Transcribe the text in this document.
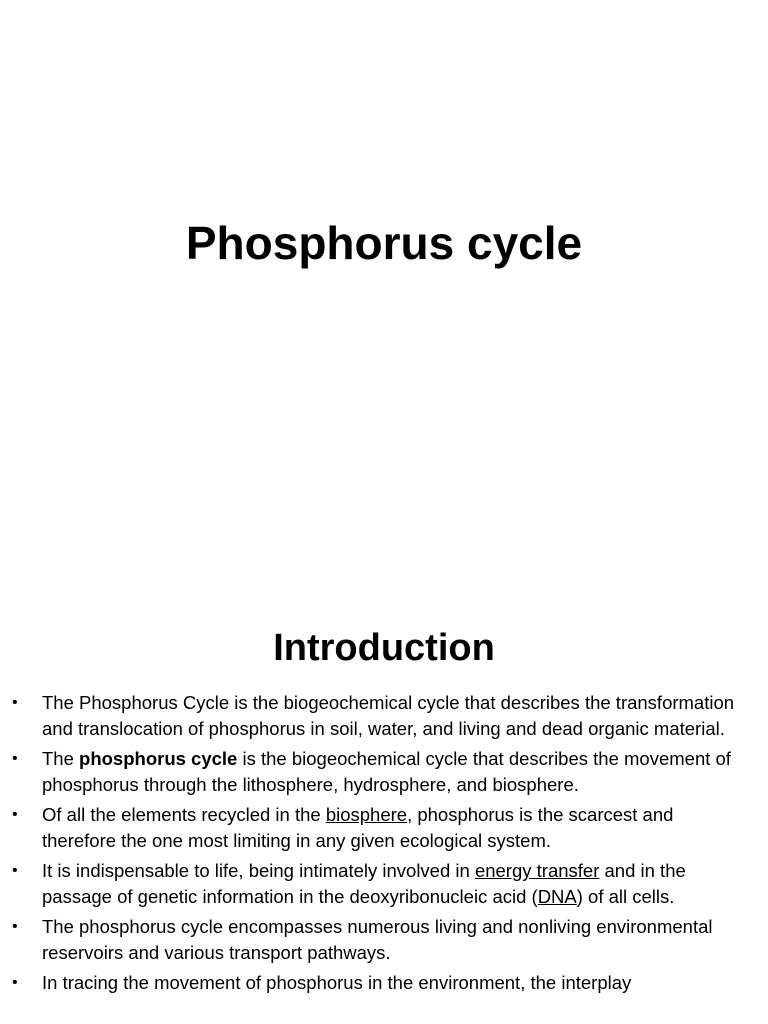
Phosphorus cycle
Introduction
• The Phosphorus Cycle is the biogeochemical cycle that describes the transformation and translocation of phosphorus in soil, water, and living and dead organic material.
• The phosphorus cycle is the biogeochemical cycle that describes the movement of phosphorus through the lithosphere, hydrosphere, and biosphere.
• Of all the elements recycled in the biosphere, phosphorus is the scarcest and therefore the one most limiting in any given ecological system.
• It is indispensable to life, being intimately involved in energy transfer and in the passage of genetic information in the deoxyribonucleic acid (DNA) of all cells.
• The phosphorus cycle encompasses numerous living and nonliving environmental reservoirs and various transport pathways.
• In tracing the movement of phosphorus in the environment, the interplay
